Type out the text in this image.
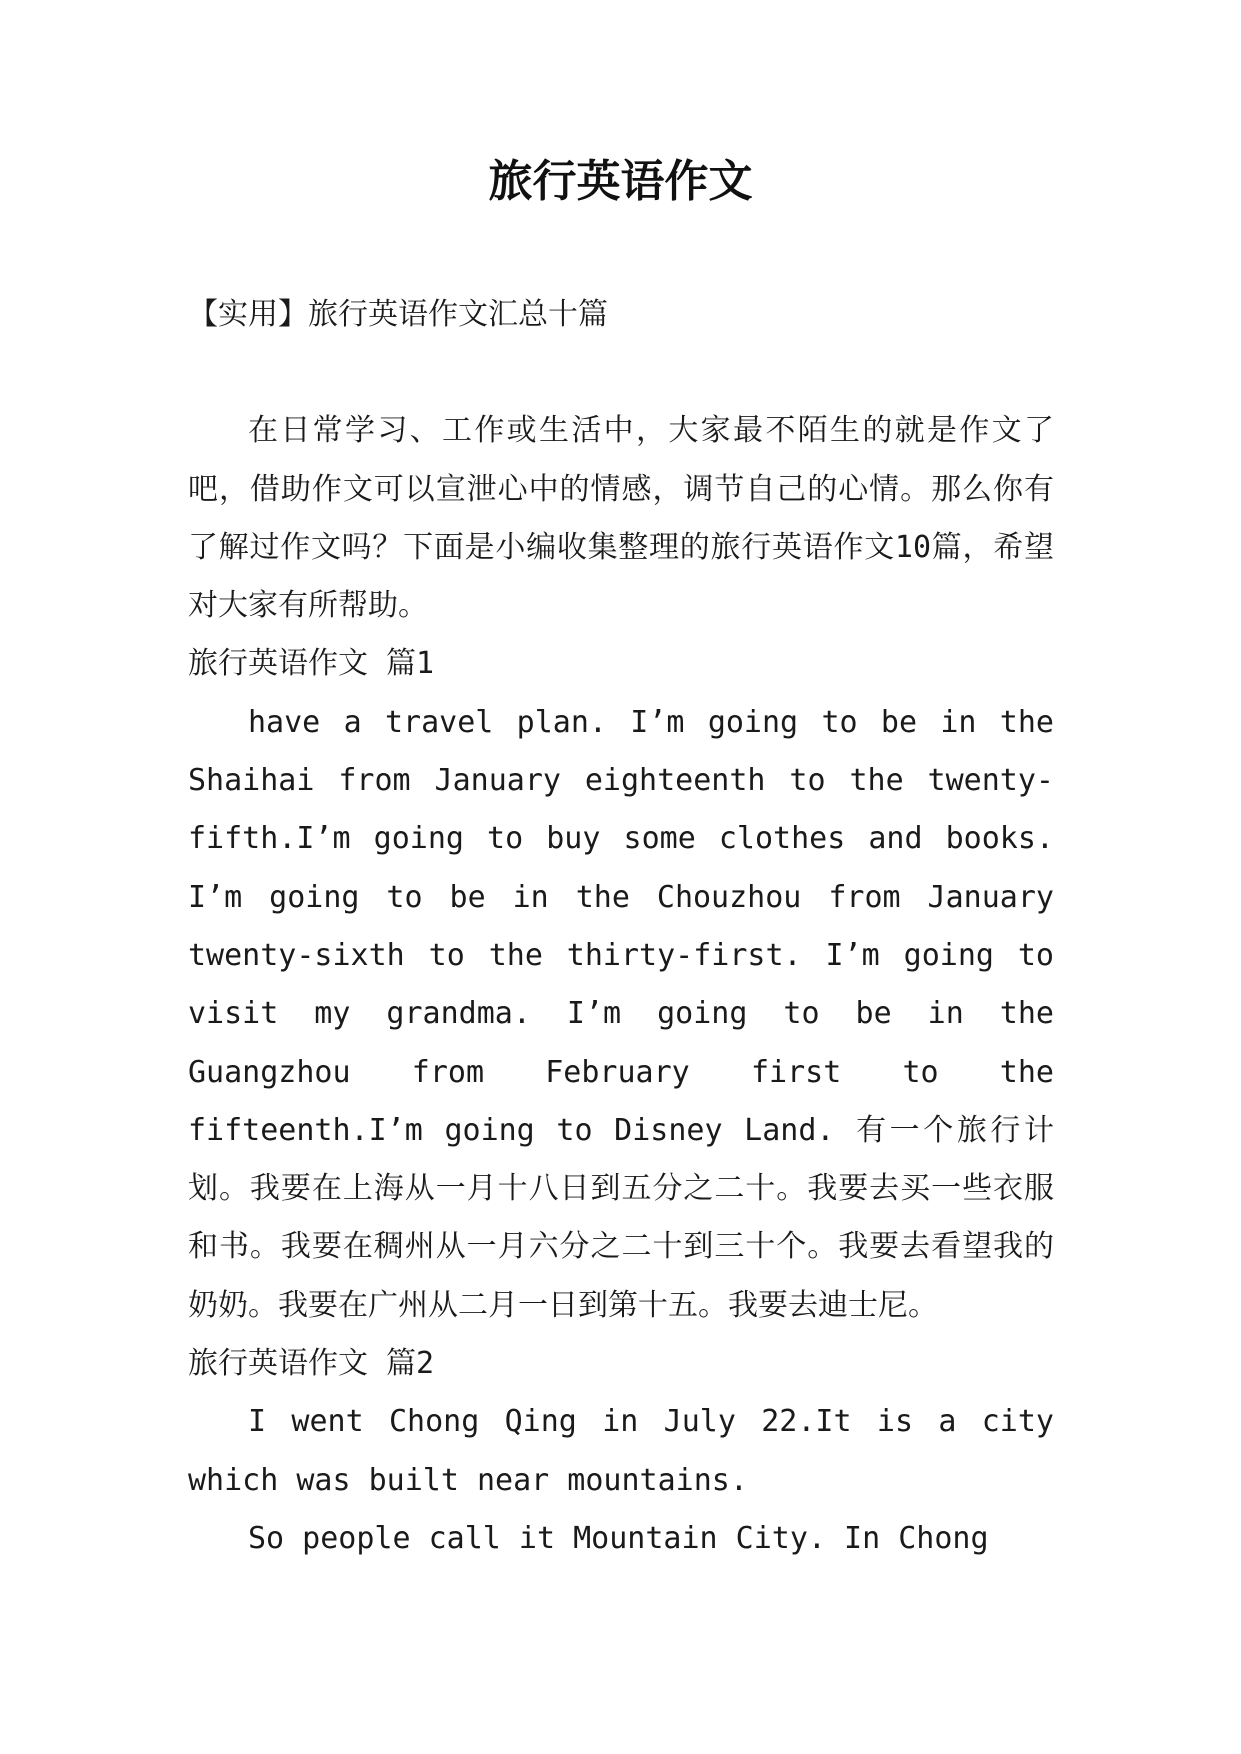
旅行英语作文

【实用】旅行英语作文汇总十篇

在日常学习、工作或生活中，大家最不陌生的就是作文了吧，借助作文可以宣泄心中的情感，调节自己的心情。那么你有了解过作文吗？下面是小编收集整理的旅行英语作文10篇，希望对大家有所帮助。

旅行英语作文 篇1

have a travel plan. I’m going to be in the Shaihai from January eighteenth to the twenty-fifth.I’m going to buy some clothes and books. I’m going to be in the Chouzhou from January twenty-sixth to the thirty-first. I’m going to visit my grandma. I’m going to be in the Guangzhou from February first to the fifteenth.I’m going to Disney Land. 有一个旅行计划。我要在上海从一月十八日到五分之二十。我要去买一些衣服和书。我要在稠州从一月六分之二十到三十个。我要去看望我的奶奶。我要在广州从二月一日到第十五。我要去迪士尼。

旅行英语作文 篇2

I went Chong Qing in July 22.It is a city which was built near mountains.

So people call it Mountain City. In Chong
